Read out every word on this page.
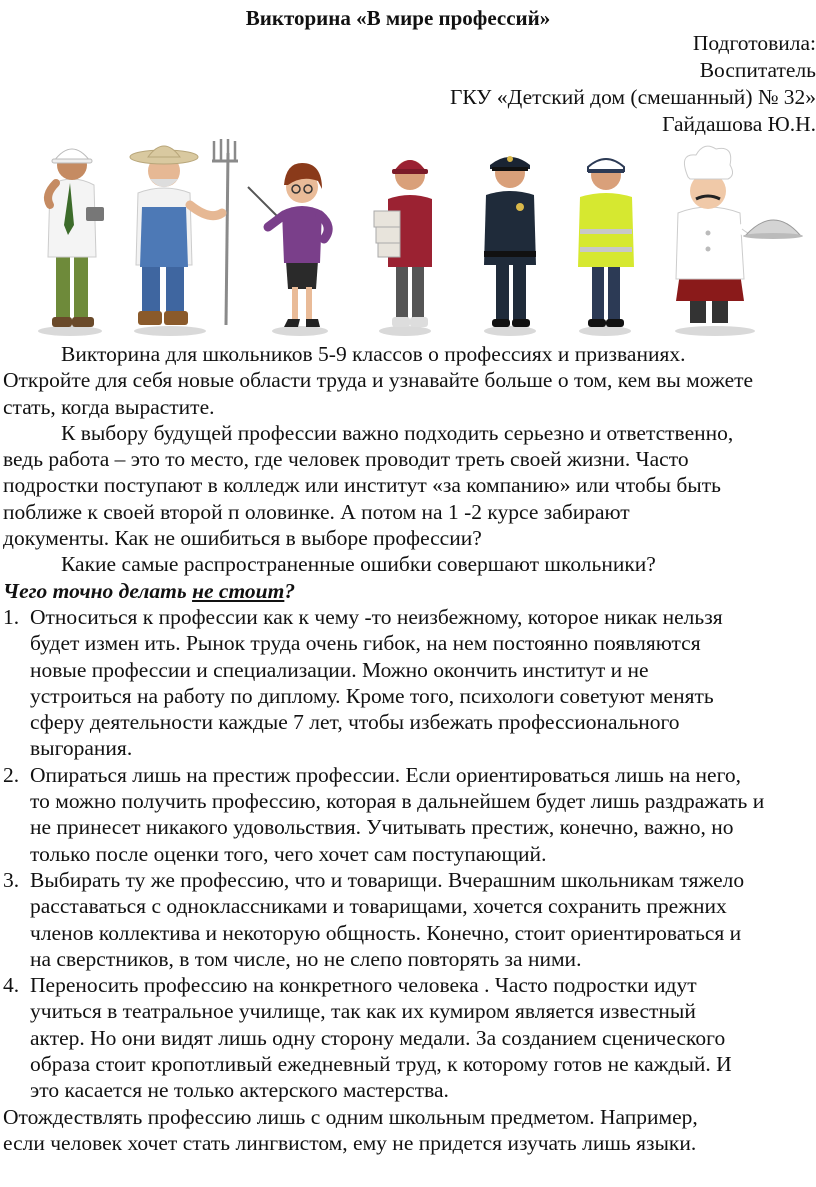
Викторина «В мире профессий»
Подготовила:
Воспитатель
ГКУ «Детский дом (смешанный) № 32»
Гайдашова Ю.Н.

Викторина для школьников 5-9 классов о профессиях и призваниях.

Откройте для себя новые области труда и узнавайте больше о том, кем вы можете

стать, когда вырастите.

К выбору будущей профессии важно подходить серьезно и ответственно,

ведь работа – это то место, где человек проводит треть своей жизни. Часто

подростки поступают в колледж или институт «за компанию» или чтобы быть

поближе к своей второй п оловинке. А потом на 1 -2 курсе забирают

документы. Как не ошибиться в выборе профессии?

Какие самые распространенные ошибки совершают школьники?

Чего точно делать не стоит?

1. Относиться к профессии как к чему -то неизбежному, которое никак нельзя
будет измен ить. Рынок труда очень гибок, на нем постоянно появляются
новые профессии и специализации. Можно окончить институт и не
устроиться на работу по диплому. Кроме того, психологи советуют менять
сферу деятельности каждые 7 лет, чтобы избежать профессионального
выгорания.
2. Опираться лишь на престиж профессии. Если ориентироваться лишь на него,
то можно получить профессию, которая в дальнейшем будет лишь раздражать и
не принесет никакого удовольствия. Учитывать престиж, конечно, важно, но
только после оценки того, чего хочет сам поступающий.
3. Выбирать ту же профессию, что и товарищи. Вчерашним школьникам тяжело
расставаться с одноклассниками и товарищами, хочется сохранить прежних
членов коллектива и некоторую общность. Конечно, стоит ориентироваться и
на сверстников, в том числе, но не слепо повторять за ними.
4. Переносить профессию на конкретного человека . Часто подростки идут
учиться в театральное училище, так как их кумиром является известный
актер. Но они видят лишь одну сторону медали. За созданием сценического
образа стоит кропотливый ежедневный труд, к которому готов не каждый. И
это касается не только актерского мастерства.

Отождествлять профессию лишь с одним школьным предметом. Например,

если человек хочет стать лингвистом, ему не придется изучать лишь языки.
